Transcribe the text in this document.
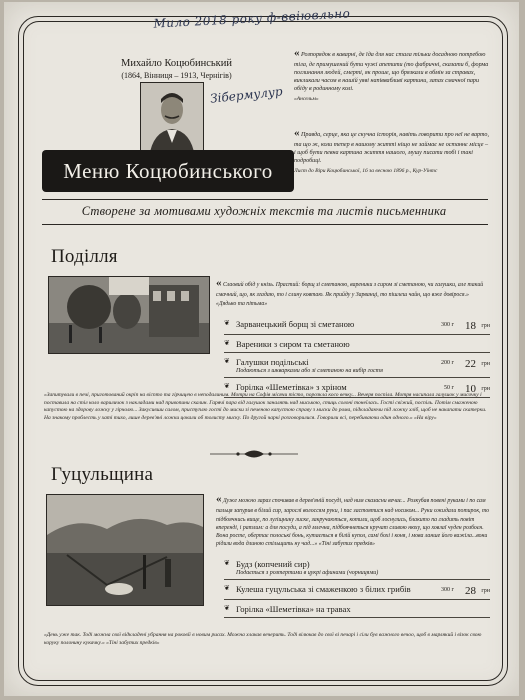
Мило 2018 року ф-ввіювльно
Михайло Коцюбинський
(1864, Вінниця – 1913, Чернігів)
Зібермулур
Меню Коцюбинського
« Розпорядок в каварні, де їда для нас стала тільки досадною потребою тіла, де примушений бути чужі апетити (то фабричні, сказати б, форма поглинання людей, смерті, як проше, що брязкали в обмін за стравах, викликали часом в нашій уяві напіввабливі картини, запах смачної пари обіду в родинному колі.
«Ансельм»
« Правда, серце, яка це скучна історія, навіть говорити про неї не варто, та що ж, коли тепер в нашому житті ніщо не займає не останнє місце – і щоб бути певна картина життя нашого, мушу писати тобі і такі подробиці.
Лист до Віри Коцюбинської, 16 за весною 1896 р., Кур-Уїнтс
Створене за мотивами художніх текстів та листів письменника
Поділля
« Слаовий обід у кнізь. Прастий: борщ зі сметаною, вареники з сиром зі сметаною, чи галушки, але такий смачний, що, як згадаю, то і слину ковтаю. Як прийду у Зарванці, то пішлеш чайн, що вже довірося.»
«Дядько та пітьма»
❦ Зарванецький борщ зі сметаною	300 г	18 грн
❦ Вареники з сиром та сметаною
❦ Галушки подільські
Подаються з шкварками або зі сметаною на вибір гостя
200 г	22 грн
❦ Горілка «Шеметівка» з хріном	50 г	10 грн
«Запитували в печі, приготований окріп на віспто та гірчицею в неподалиним. Мотри на Софія місячи тісто, порозкла косо вечку... Вечеря поспіла. Мотря насипала галушок у мисочку і поставила на стіл коло вариличок з накладами над привопини скалин. Гарячі пара від галушок заналять над миською, стиць солоні тонеїлась. Гості свіжий, поспіль. Потім смаженою капустою на здорову ложку у гірчолю... Закусивши салом, приступлю гості до миски зі печеною капустою справу з миски до рома, підкладаючи під ложку хліб, щоб не накапати скатерки. На знакому проблесть у хаті тихо, лише дерев'яні ложки цокали об толисту миску. По другой чаркі розговорилися. Говорили всі, перебиваючи один одного.» «На віру»
Гуцульщина
« Дуже можно зараз спочивав в дерев'яній посуді, над ним сказасни вечає... Розкубав повені руками і по сам пальця запурив в білий сир, зарослі волоссям руки, і пас застоятися над носиком... Руки ожидали потирок, то підбоячнись вище, по лугіщнику лиске, закручаються, котили, щоб лоснулись, блакито па гладить повіт вперенді, і ратлим: а для посуди, а під млечна, підбоячнеться кручат сливою нюху, що ховлаї чуден розбоєн. Вона росте, обертає полоські бонь, кутається в білій купол, самі бохі і коня, і мова ланше його важіла...вони рідили вода длиною стільщить ну чад...» «Тіні забутих предків»
❦ Будз (копчений сир)
Подається з розтертими в цукрі афинами (чорницями)
❦ Кулеша гуцульська зі смаженкою з білих грибів	300 г	28 грн
❦ Горілка «Шеметівка» на травах
«День уже так. Тоді можна свої відкладені убрання на роковії в новим рисах. Можна хлакав вечерить. Тоді вілюкав до свої ві печарі і сіли був важного вечоо, щоб в марлякий і візок свою коруку полонину кукачку.» «Тіні забутих предків»
